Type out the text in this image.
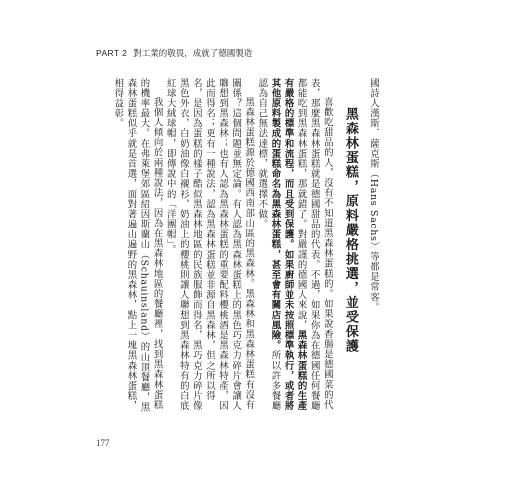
PART 2 對工業的敬畏，成就了德國製造

國詩人漢斯．薩克斯（Hans Sachs）等都是常客。

黑森林蛋糕，原料嚴格挑選，並受保護

喜歡吃甜品的人，沒有不知道黑森林蛋糕的。如果說香腸是德國菜的代表，那麼黑森林蛋糕就是德國甜品的代表。不過，如果你為在德國任何餐廳都能吃到黑森林蛋糕，那就錯了。對嚴謹的德國人來說，黑森林蛋糕的生產有嚴格的標準和流程，而且受到保護。如果廚師並未按照標準執行，或者將其他原料製成的蛋糕命名為黑森林蛋糕，甚至會有關店風險。所以許多餐廳認為自己無法達標，就選擇不做。

黑森林蛋糕源於德國西南部山區的黑森林。黑森林和黑森林蛋糕有沒有關係？這個問題並無定論。有人認為黑森林蛋糕上的黑色巧克力碎片會讓人聯想到黑森林；也有人認為黑森林蛋糕的重要配料櫻桃酒是黑森林特產，因此而得名；更有一種說法，認為黑森林蛋糕並非源自黑森林，但之所以得名，是因為蛋糕的樣子酷似黑森林地區的民族服飾而得名，黑巧克力碎片像黑色外衣，白奶油像白襯衫，奶油上的櫻桃則讓人聯想到黑森林特有的白底紅球大絨球帽，即傳說中的「洋團帽」。

我個人傾向於兩種說法，因為在黑森林地區的餐廳裡，找到黑森林蛋糕的機率最大。在弗萊堡郊區紹因斯蘭山（Schauinsland）的山頂餐廳，黑森林蛋糕似乎就是首選，面對著遍山遍野的黑森林，點上一塊黑森林蛋糕，相得益彰。

177
